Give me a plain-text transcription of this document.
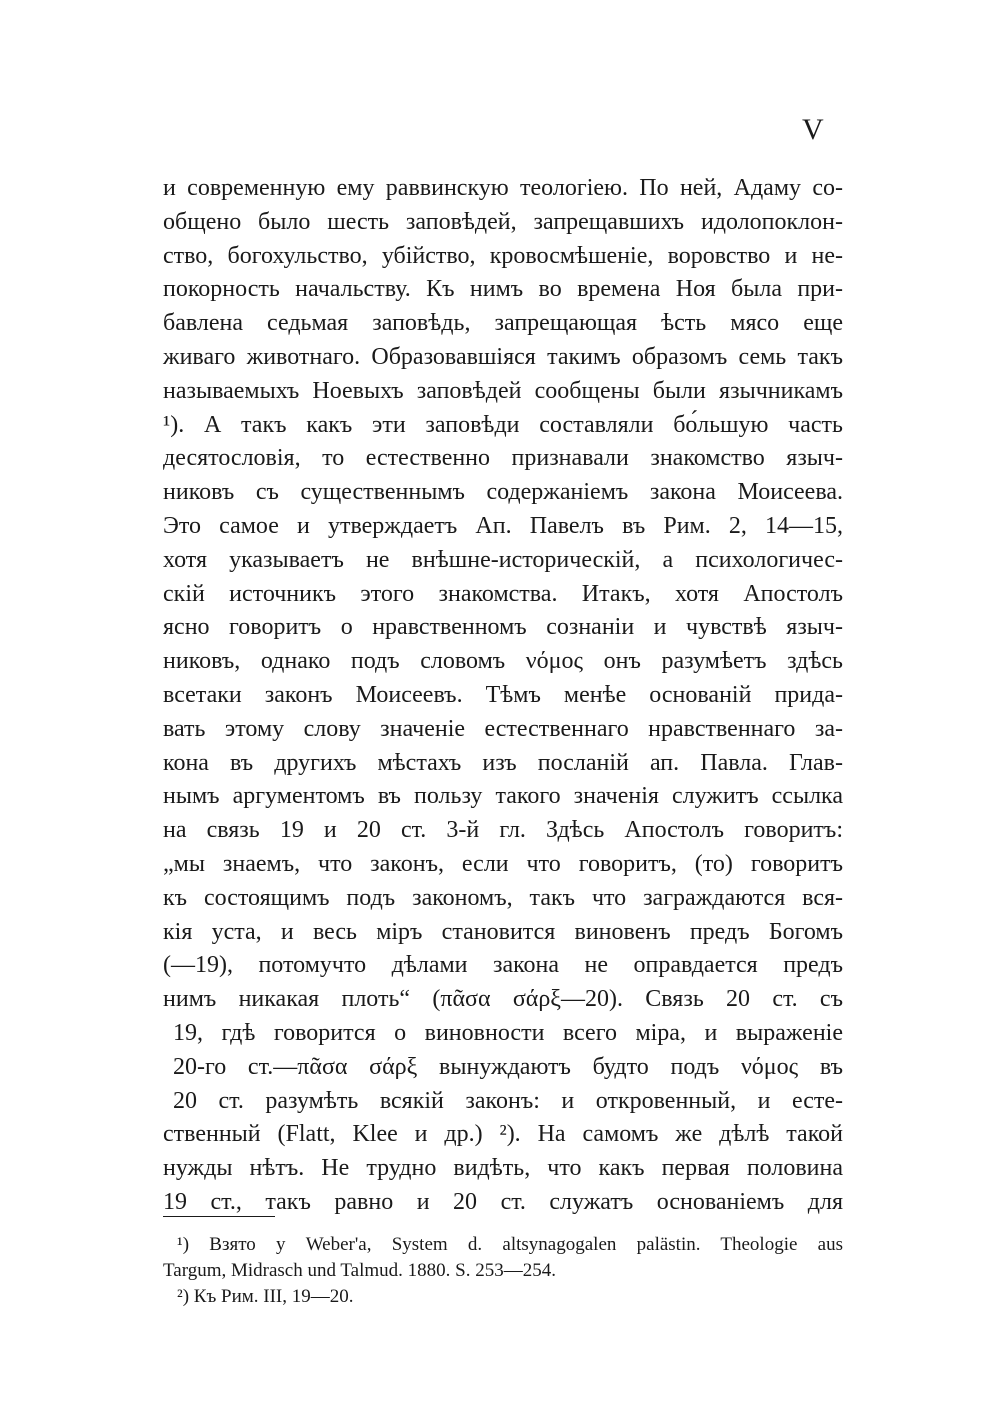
V
и современную ему раввинскую теологiею. По ней, Адаму со-
общено было шесть заповѣдей, запрещавшихъ идолопоклон-
ство, богохульство, убiйство, кровосмѣшенiе, воровство и не-
покорность начальству. Къ нимъ во времена Ноя была при-
бавлена седьмая заповѣдь, запрещающая ѣсть мясо еще
живаго животнаго. Образовавшiяся такимъ образомъ семь такъ
называемыхъ Ноевыхъ заповѣдей сообщены были язычникамъ
¹). А такъ какъ эти заповѣди составляли бо́льшую часть
десятословiя, то естественно признавали знакомство языч-
никовъ съ существеннымъ содержанiемъ закона Моисеева.
Это самое и утверждаетъ Ап. Павелъ въ Рим. 2, 14—15,
хотя указываетъ не внѣшне-историческiй, а психологичес-
скiй источникъ этого знакомства. Итакъ, хотя Апостолъ
ясно говоритъ о нравственномъ сознанiи и чувствѣ языч-
никовъ, однако подъ словомъ νόμος онъ разумѣетъ здѣсь
всетаки законъ Моисеевъ. Тѣмъ менѣе основанiй прида-
вать этому слову значенiе естественнаго нравственнаго за-
кона въ другихъ мѣстахъ изъ посланiй ап. Павла. Глав-
нымъ аргументомъ въ пользу такого значенiя служитъ ссылка
на связь 19 и 20 ст. 3-й гл. Здѣсь Апостолъ говоритъ:
„мы знаемъ, что законъ, если что говоритъ, (то) говоритъ
къ состоящимъ подъ закономъ, такъ что заграждаются вся-
кiя уста, и весь мiръ становится виновенъ предъ Богомъ
(—19), потомучто дѣлами закона не оправдается предъ
нимъ никакая плоть“ (πᾶσα σάρξ—20). Связь 20 ст. съ
19, гдѣ говорится о виновности всего мiра, и выраженiе
20-го ст.—πᾶσα σάρξ вынуждаютъ будто подъ νόμος въ
20 ст. разумѣть всякiй законъ: и откровенный, и есте-
ственный (Flatt, Klee и др.) ²). На самомъ же дѣлѣ такой
нужды нѣтъ. Не трудно видѣть, что какъ первая половина
19 ст., такъ равно и 20 ст. служатъ основанiемъ для
¹) Взято у Weber'a, System d. altsynagogalen palästin. Theologie aus
Targum, Midrasch und Talmud. 1880. S. 253—254.
²) Къ Рим. III, 19—20.
